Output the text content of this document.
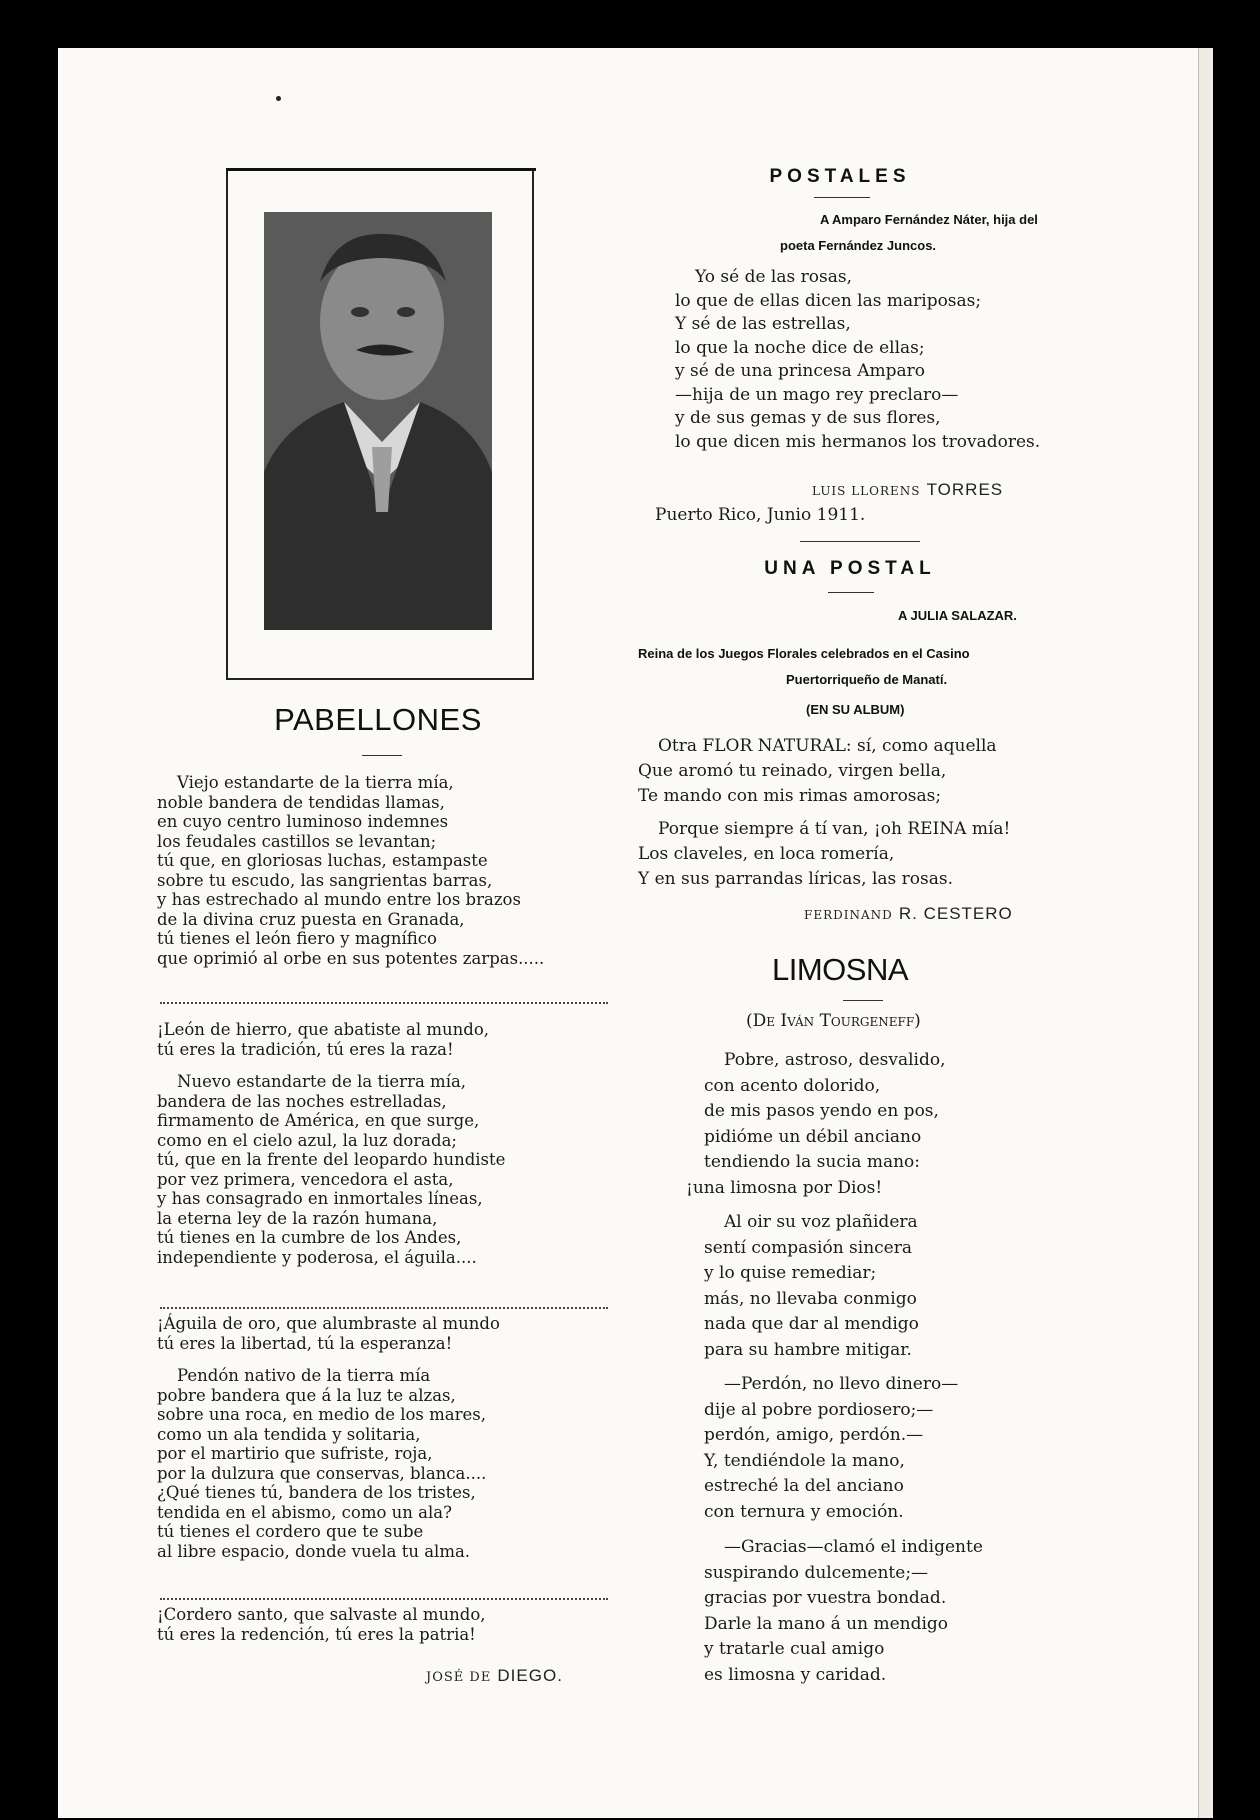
PABELLONES
Viejo estandarte de la tierra mía,
noble bandera de tendidas llamas,
en cuyo centro luminoso indemnes
los feudales castillos se levantan;
tú que, en gloriosas luchas, estampaste
sobre tu escudo, las sangrientas barras,
y has estrechado al mundo entre los brazos
de la divina cruz puesta en Granada,
tú tienes el león fiero y magnífico
que oprimió al orbe en sus potentes zarpas.....
¡León de hierro, que abatiste al mundo,
tú eres la tradición, tú eres la raza!
Nuevo estandarte de la tierra mía,
bandera de las noches estrelladas,
firmamento de América, en que surge,
como en el cielo azul, la luz dorada;
tú, que en la frente del leopardo hundiste
por vez primera, vencedora el asta,
y has consagrado en inmortales líneas,
la eterna ley de la razón humana,
tú tienes en la cumbre de los Andes,
independiente y poderosa, el águila....
¡Águila de oro, que alumbraste al mundo
tú eres la libertad, tú la esperanza!
Pendón nativo de la tierra mía
pobre bandera que á la luz te alzas,
sobre una roca, en medio de los mares,
como un ala tendida y solitaria,
por el martirio que sufriste, roja,
por la dulzura que conservas, blanca....
¿Qué tienes tú, bandera de los tristes,
tendida en el abismo, como un ala?
tú tienes el cordero que te sube
al libre espacio, donde vuela tu alma.
¡Cordero santo, que salvaste al mundo,
tú eres la redención, tú eres la patria!
JOSÉ DE DIEGO.
POSTALES
A Amparo Fernández Náter, hija del
poeta Fernández Juncos.
Yo sé de las rosas,
lo que de ellas dicen las mariposas;
Y sé de las estrellas,
lo que la noche dice de ellas;
y sé de una princesa Amparo
—hija de un mago rey preclaro—
y de sus gemas y de sus flores,
lo que dicen mis hermanos los trovadores.
LUIS LLORENS TORRES
Puerto Rico, Junio 1911.
UNA POSTAL
A JULIA SALAZAR.
Reina de los Juegos Florales celebrados en el Casino
Puertorriqueño de Manatí.
(EN SU ALBUM)
Otra FLOR NATURAL: sí, como aquella
Que aromó tu reinado, virgen bella,
Te mando con mis rimas amorosas;
Porque siempre á tí van, ¡oh REINA mía!
Los claveles, en loca romería,
Y en sus parrandas líricas, las rosas.
FERDINAND R. CESTERO
LIMOSNA
(De Iván Tourgeneff)
Pobre, astroso, desvalido,
con acento dolorido,
de mis pasos yendo en pos,
pidióme un débil anciano
tendiendo la sucia mano:
¡una limosna por Dios!
Al oir su voz plañidera
sentí compasión sincera
y lo quise remediar;
más, no llevaba conmigo
nada que dar al mendigo
para su hambre mitigar.
—Perdón, no llevo dinero—
dije al pobre pordiosero;—
perdón, amigo, perdón.—
Y, tendiéndole la mano,
estreché la del anciano
con ternura y emoción.
—Gracias—clamó el indigente
suspirando dulcemente;—
gracias por vuestra bondad.
Darle la mano á un mendigo
y tratarle cual amigo
es limosna y caridad.
